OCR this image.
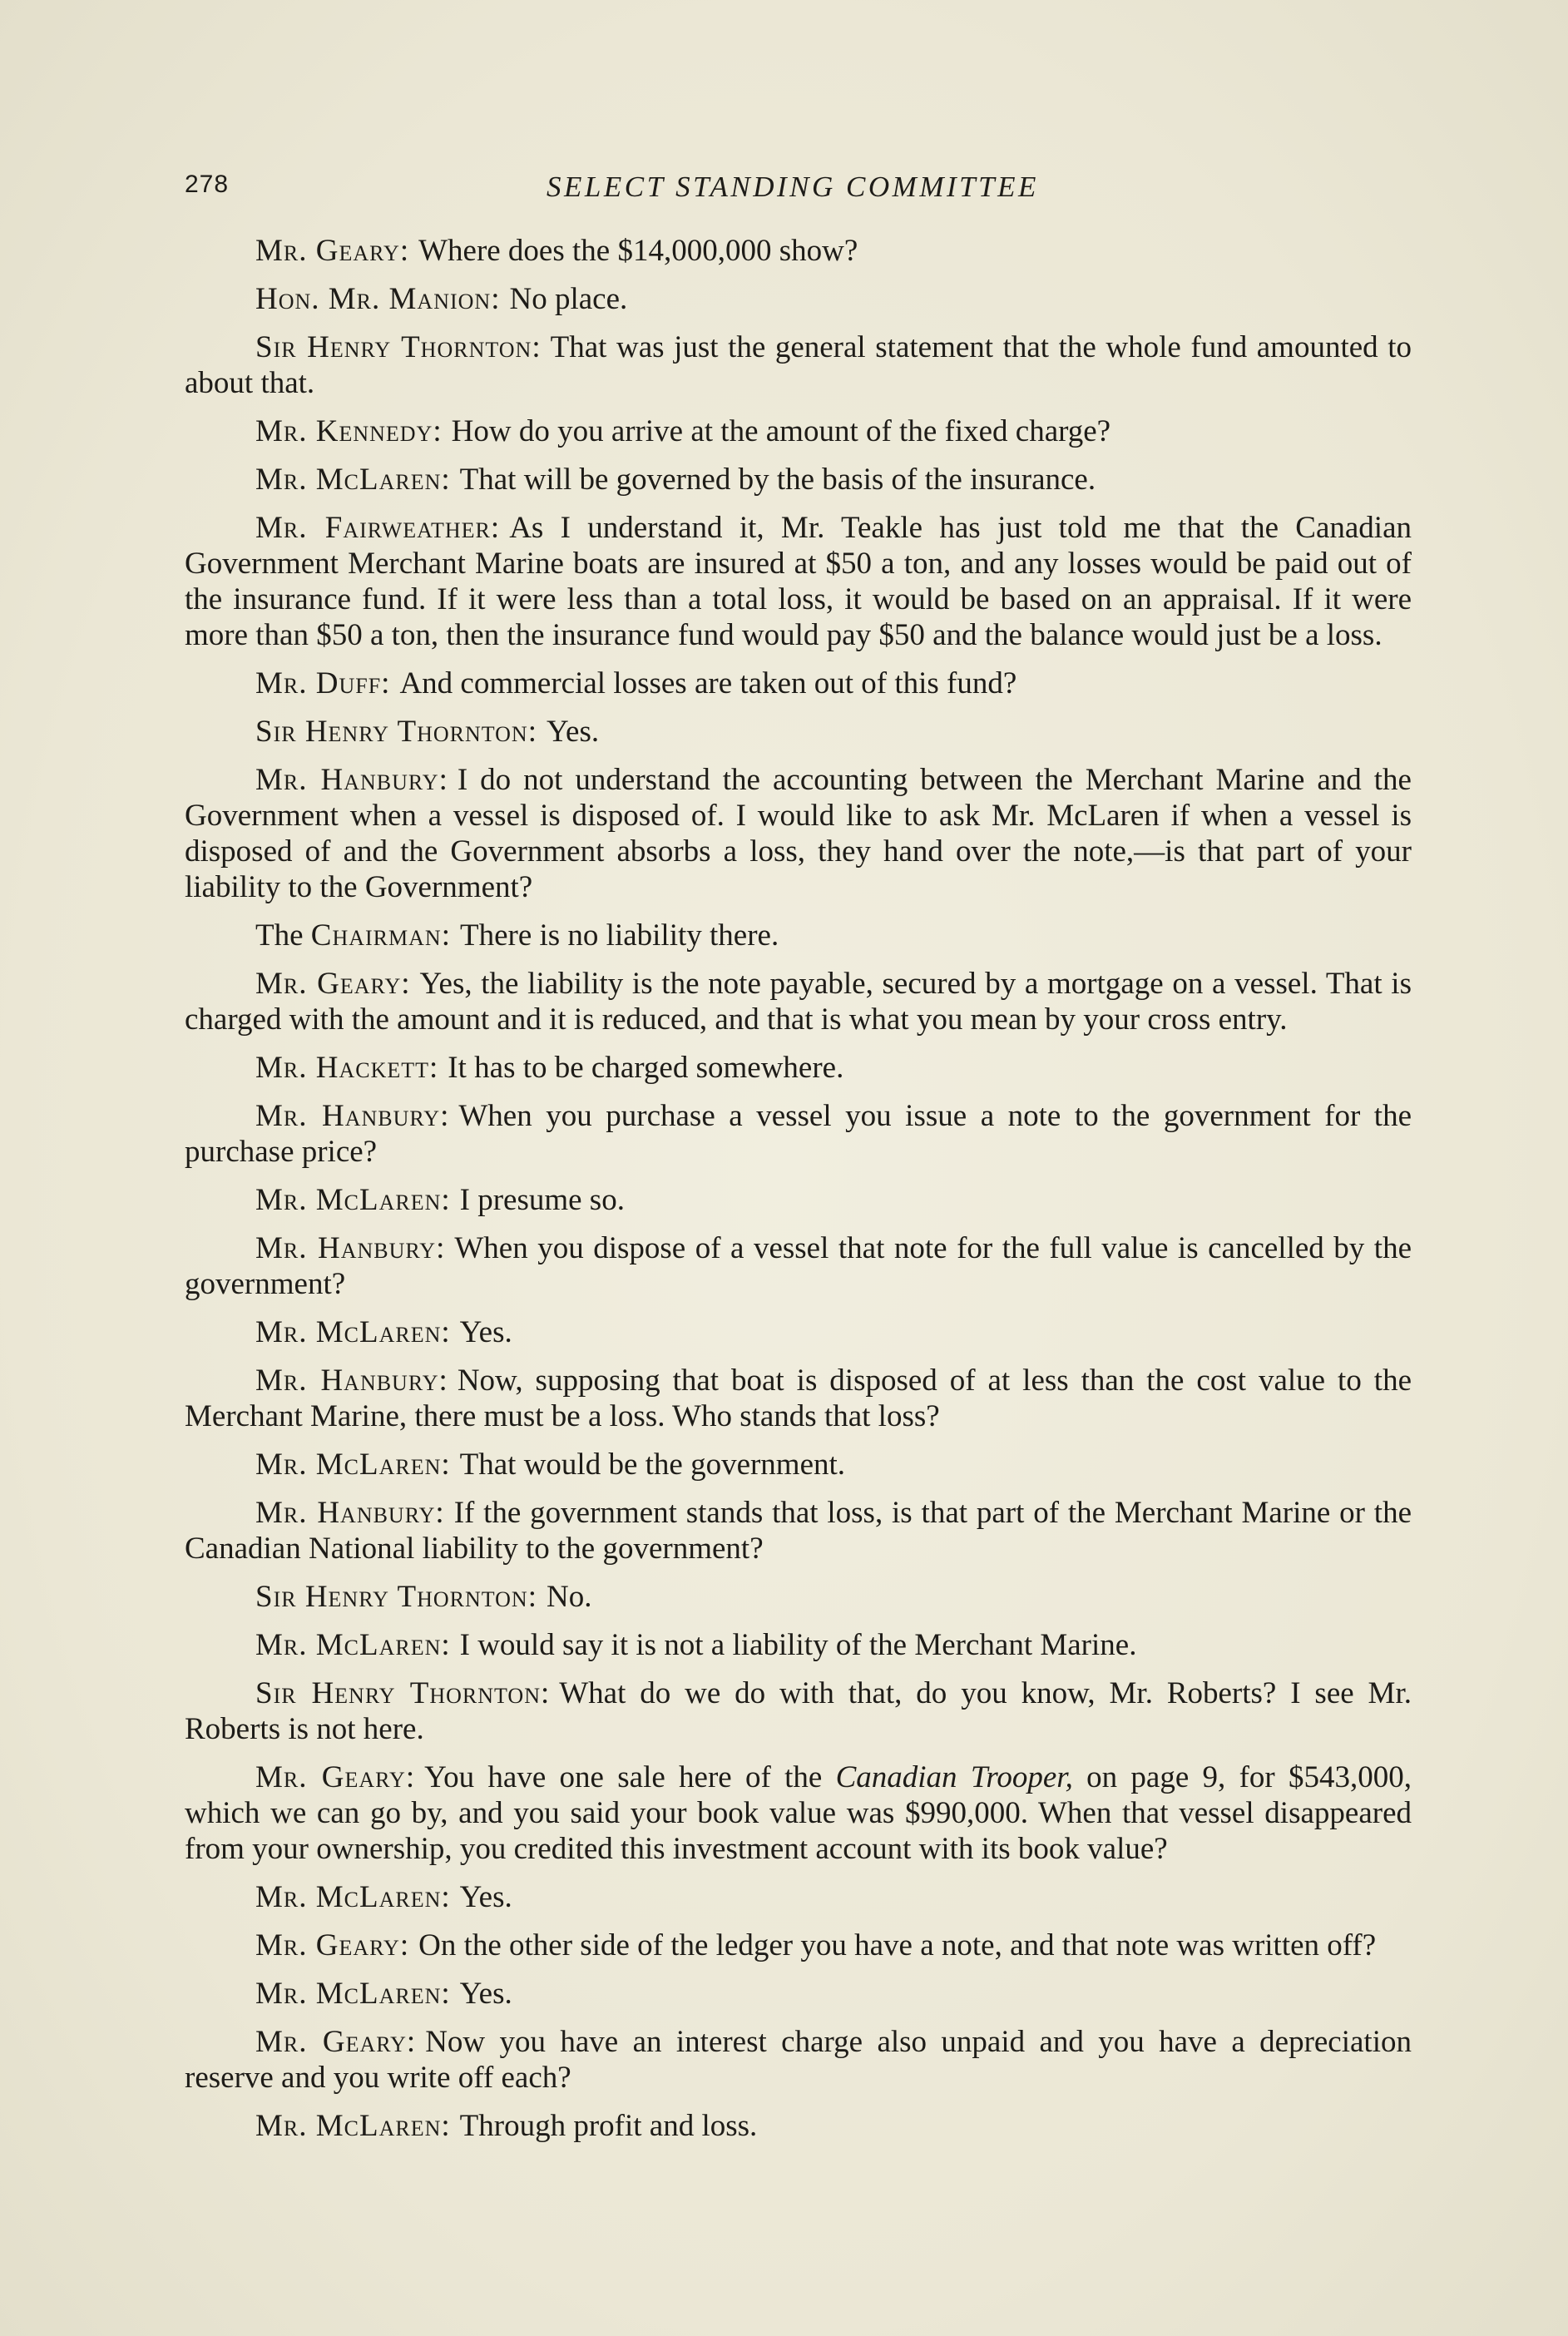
278	SELECT STANDING COMMITTEE

Mr. Geary: Where does the $14,000,000 show?

Hon. Mr. Manion: No place.

Sir Henry Thornton: That was just the general statement that the whole fund amounted to about that.

Mr. Kennedy: How do you arrive at the amount of the fixed charge?

Mr. McLaren: That will be governed by the basis of the insurance.

Mr. Fairweather: As I understand it, Mr. Teakle has just told me that the Canadian Government Merchant Marine boats are insured at $50 a ton, and any losses would be paid out of the insurance fund. If it were less than a total loss, it would be based on an appraisal. If it were more than $50 a ton, then the insurance fund would pay $50 and the balance would just be a loss.

Mr. Duff: And commercial losses are taken out of this fund?

Sir Henry Thornton: Yes.

Mr. Hanbury: I do not understand the accounting between the Merchant Marine and the Government when a vessel is disposed of. I would like to ask Mr. McLaren if when a vessel is disposed of and the Government absorbs a loss, they hand over the note,—is that part of your liability to the Government?

The Chairman: There is no liability there.

Mr. Geary: Yes, the liability is the note payable, secured by a mortgage on a vessel. That is charged with the amount and it is reduced, and that is what you mean by your cross entry.

Mr. Hackett: It has to be charged somewhere.

Mr. Hanbury: When you purchase a vessel you issue a note to the government for the purchase price?

Mr. McLaren: I presume so.

Mr. Hanbury: When you dispose of a vessel that note for the full value is cancelled by the government?

Mr. McLaren: Yes.

Mr. Hanbury: Now, supposing that boat is disposed of at less than the cost value to the Merchant Marine, there must be a loss. Who stands that loss?

Mr. McLaren: That would be the government.

Mr. Hanbury: If the government stands that loss, is that part of the Merchant Marine or the Canadian National liability to the government?

Sir Henry Thornton: No.

Mr. McLaren: I would say it is not a liability of the Merchant Marine.

Sir Henry Thornton: What do we do with that, do you know, Mr. Roberts? I see Mr. Roberts is not here.

Mr. Geary: You have one sale here of the Canadian Trooper, on page 9, for $543,000, which we can go by, and you said your book value was $990,000. When that vessel disappeared from your ownership, you credited this investment account with its book value?

Mr. McLaren: Yes.

Mr. Geary: On the other side of the ledger you have a note, and that note was written off?

Mr. McLaren: Yes.

Mr. Geary: Now you have an interest charge also unpaid and you have a depreciation reserve and you write off each?

Mr. McLaren: Through profit and loss.
